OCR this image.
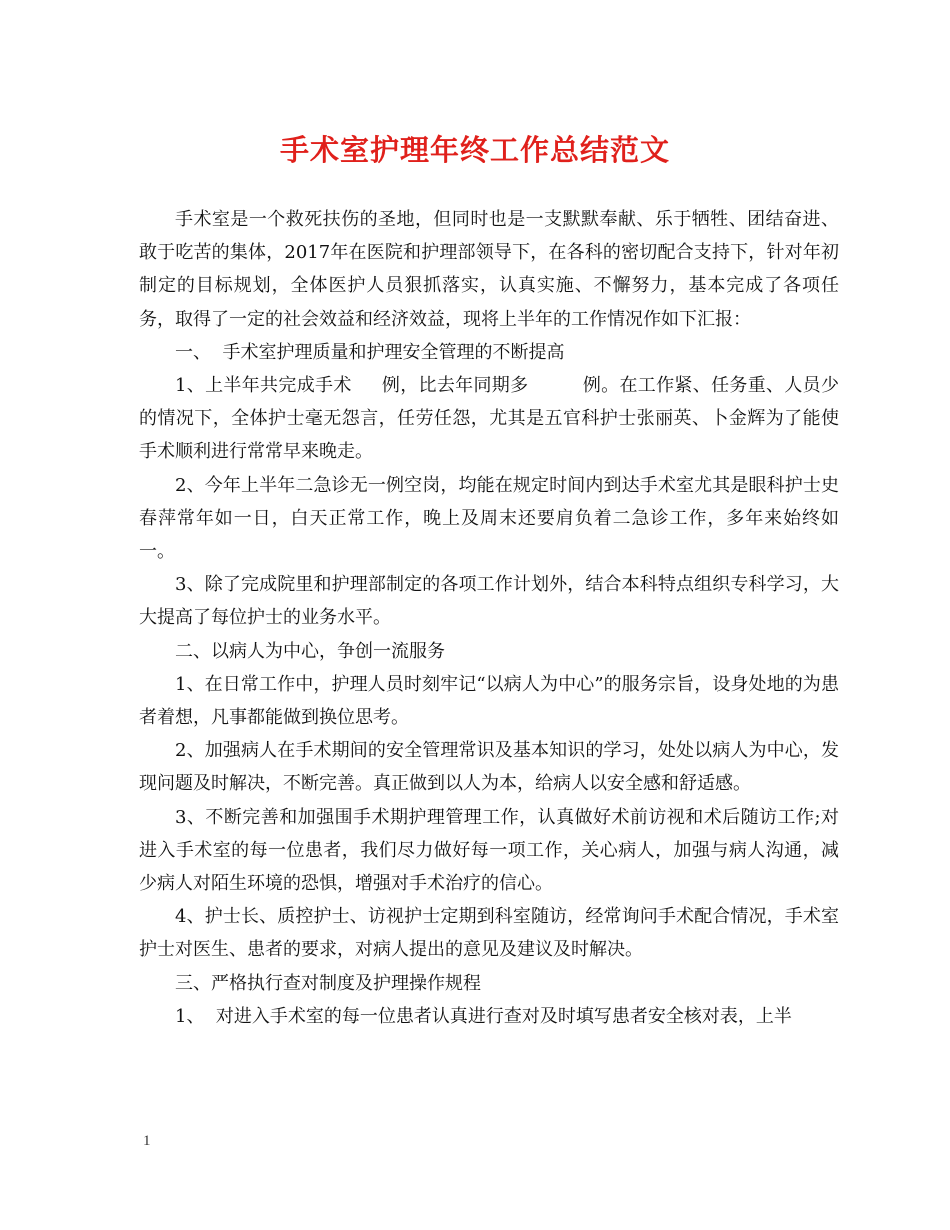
手术室护理年终工作总结范文

手术室是一个救死扶伤的圣地，但同时也是一支默默奉献、乐于牺牲、团结奋进、敢于吃苦的集体，2017年在医院和护理部领导下，在各科的密切配合支持下，针对年初制定的目标规划，全体医护人员狠抓落实，认真实施、不懈努力，基本完成了各项任务，取得了一定的社会效益和经济效益，现将上半年的工作情况作如下汇报：

一、  手术室护理质量和护理安全管理的不断提高

1、上半年共完成手术     例，比去年同期多         例。在工作紧、任务重、人员少的情况下，全体护士毫无怨言，任劳任怨，尤其是五官科护士张丽英、卜金辉为了能使手术顺利进行常常早来晚走。

2、今年上半年二急诊无一例空岗，均能在规定时间内到达手术室尤其是眼科护士史春萍常年如一日，白天正常工作，晚上及周末还要肩负着二急诊工作，多年来始终如一。

3、除了完成院里和护理部制定的各项工作计划外，结合本科特点组织专科学习，大大提高了每位护士的业务水平。

二、以病人为中心，争创一流服务

1、在日常工作中，护理人员时刻牢记“以病人为中心”的服务宗旨，设身处地的为患者着想，凡事都能做到换位思考。

2、加强病人在手术期间的安全管理常识及基本知识的学习，处处以病人为中心，发现问题及时解决，不断完善。真正做到以人为本，给病人以安全感和舒适感。

3、不断完善和加强围手术期护理管理工作，认真做好术前访视和术后随访工作;对进入手术室的每一位患者，我们尽力做好每一项工作，关心病人，加强与病人沟通，减少病人对陌生环境的恐惧，增强对手术治疗的信心。

4、护士长、质控护士、访视护士定期到科室随访，经常询问手术配合情况，手术室护士对医生、患者的要求，对病人提出的意见及建议及时解决。

三、严格执行查对制度及护理操作规程

1、  对进入手术室的每一位患者认真进行查对及时填写患者安全核对表，上半

1
